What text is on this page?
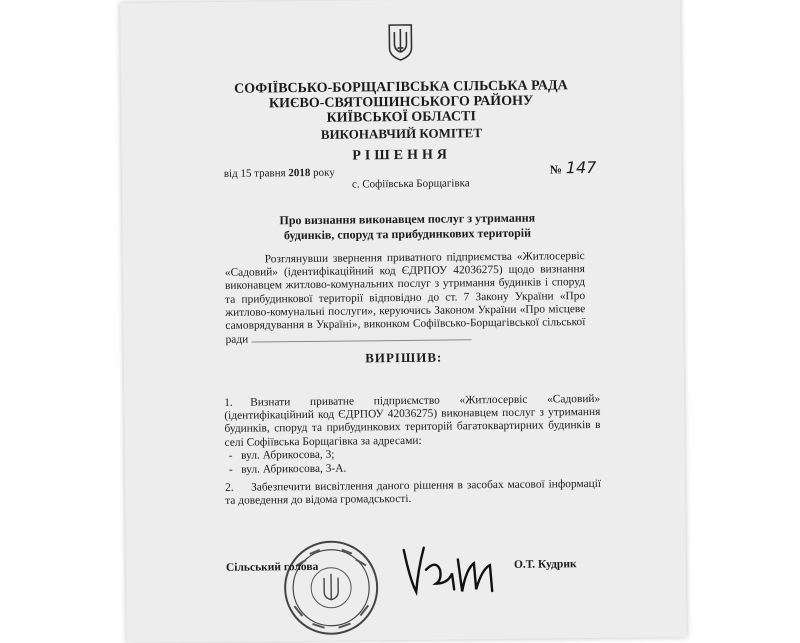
СОФІЇВСЬКО-БОРЩАГІВСЬКА СІЛЬСЬКА РАДА
КИЄВО-СВЯТОШИНСЬКОГО РАЙОНУ
КИЇВСЬКОЇ ОБЛАСТІ
ВИКОНАВЧИЙ КОМІТЕТ
РІШЕННЯ
від 15 травня 2018 року	№ 147
с. Софіївська Борщагівка
Про визнання виконавцем послуг з утримання
будинків, споруд та прибудинкових територій
Розглянувши звернення приватного підприємства «Житлосервіс «Садовий» (ідентифікаційний код ЄДРПОУ 42036275) щодо визнання виконавцем житлово-комунальних послуг з утримання будинків і споруд та прибудинкової території відповідно до ст. 7 Закону України «Про житлово-комунальні послуги», керуючись Законом України «Про місцеве самоврядування в Україні», виконком Софіївсько-Борщагівської сільської ради
ВИРІШИВ:
1. Визнати приватне підприємство «Житлосервіс «Садовий» (ідентифікаційний код ЄДРПОУ 42036275) виконавцем послуг з утримання будинків, споруд та прибудинкових територій багатоквартирних будинків в селі Софіївська Борщагівка за адресами:
-   вул. Абрикосова, 3;
-   вул. Абрикосова, 3-А.
2. Забезпечити висвітлення даного рішення в засобах масової інформації та доведення до відома громадськості.
Сільський голова	О.Т. Кудрик
